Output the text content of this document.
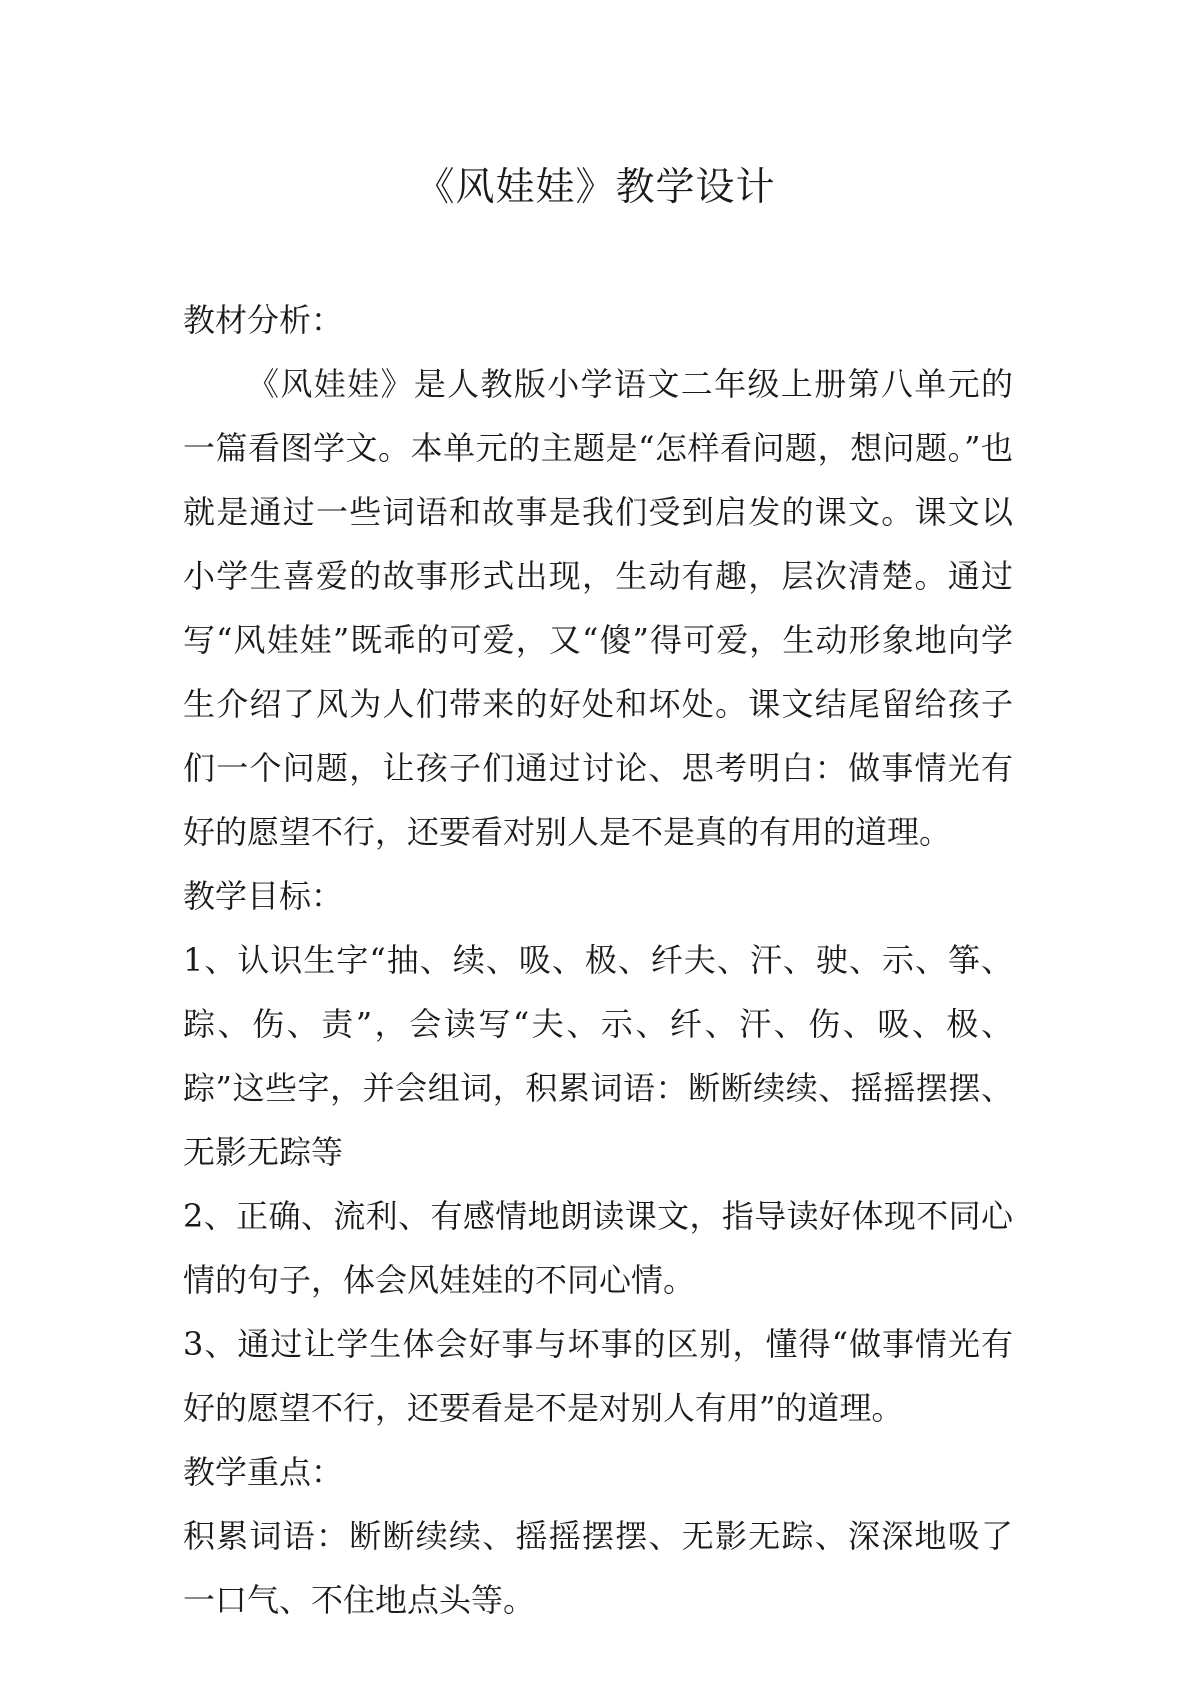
《风娃娃》教学设计

教材分析：

《风娃娃》是人教版小学语文二年级上册第八单元的一篇看图学文。本单元的主题是“怎样看问题，想问题。”也就是通过一些词语和故事是我们受到启发的课文。课文以小学生喜爱的故事形式出现，生动有趣，层次清楚。通过写“风娃娃”既乖的可爱，又“傻”得可爱，生动形象地向学生介绍了风为人们带来的好处和坏处。课文结尾留给孩子们一个问题，让孩子们通过讨论、思考明白：做事情光有好的愿望不行，还要看对别人是不是真的有用的道理。

教学目标：

1、认识生字“抽、续、吸、极、纤夫、汗、驶、示、筝、踪、伤、责”，会读写“夫、示、纤、汗、伤、吸、极、踪”这些字，并会组词，积累词语：断断续续、摇摇摆摆、无影无踪等

2、正确、流利、有感情地朗读课文，指导读好体现不同心情的句子，体会风娃娃的不同心情。

3、通过让学生体会好事与坏事的区别，懂得“做事情光有好的愿望不行，还要看是不是对别人有用”的道理。

教学重点：

积累词语：断断续续、摇摇摆摆、无影无踪、深深地吸了一口气、不住地点头等。
